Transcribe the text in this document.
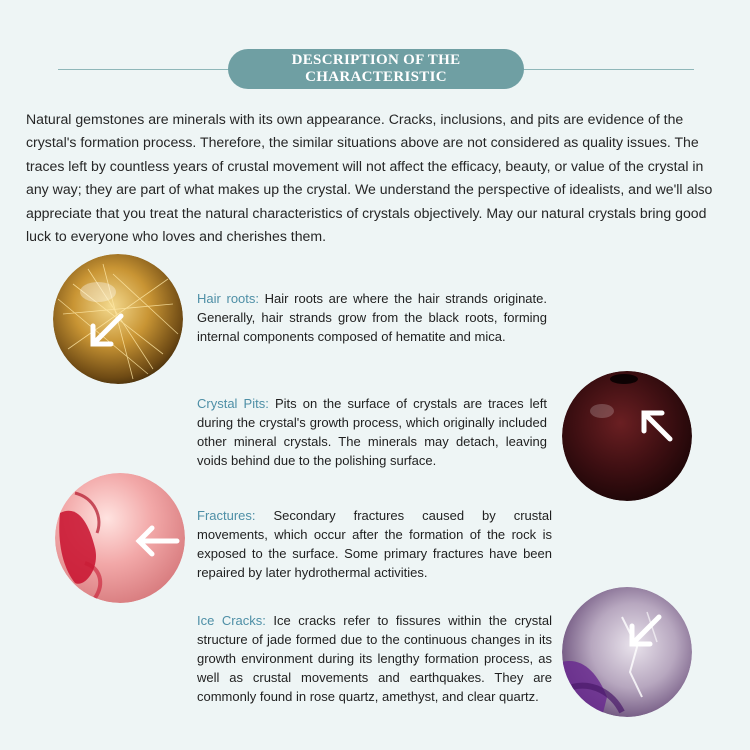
DESCRIPTION OF THE CHARACTERISTIC
Natural gemstones are minerals with its own appearance. Cracks, inclusions, and pits are evidence of the crystal's formation process. Therefore, the similar situations above are not considered as quality issues. The traces left by countless years of crustal movement will not affect the efficacy, beauty, or value of the crystal in any way; they are part of what makes up the crystal. We understand the perspective of idealists, and we'll also appreciate that you treat the natural characteristics of crystals objectively. May our natural crystals bring good luck to everyone who loves and cherishes them.
Hair roots: Hair roots are where the hair strands originate. Generally, hair strands grow from the black roots, forming internal components composed of hematite and mica.
Crystal Pits: Pits on the surface of crystals are traces left during the crystal's growth process, which originally included other mineral crystals. The minerals may detach, leaving voids behind due to the polishing surface.
Fractures: Secondary fractures caused by crustal movements, which occur after the formation of the rock is exposed to the surface. Some primary fractures have been repaired by later hydrothermal activities.
Ice Cracks: Ice cracks refer to fissures within the crystal structure of jade formed due to the continuous changes in its growth environment during its lengthy formation process, as well as crustal movements and earthquakes. They are commonly found in rose quartz, amethyst, and clear quartz.
